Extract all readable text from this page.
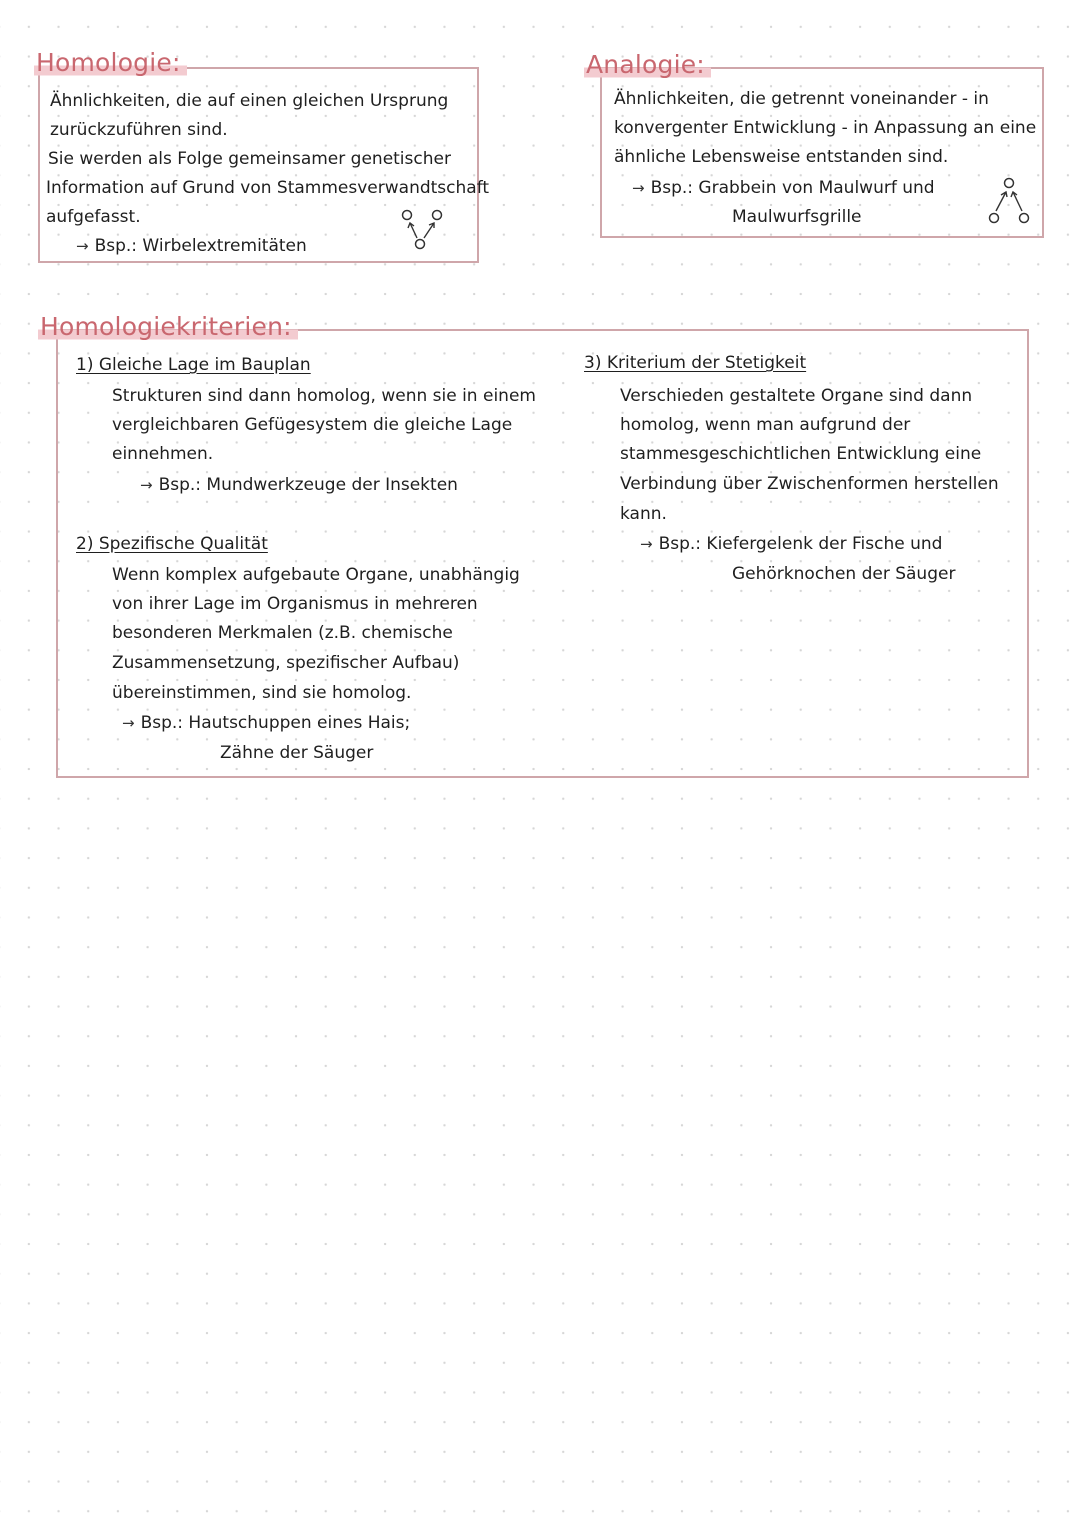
Homologie:

Ähnlichkeiten, die auf einen gleichen Ursprung

zurückzuführen sind.

Sie werden als Folge gemeinsamer genetischer

Information auf Grund von Stammesverwandtschaft

aufgefasst.

→ Bsp.: Wirbelextremitäten

Analogie:

Ähnlichkeiten, die getrennt voneinander - in

konvergenter Entwicklung - in Anpassung an eine

ähnliche Lebensweise entstanden sind.

→ Bsp.: Grabbein von Maulwurf und

Maulwurfsgrille

Homologiekriterien:
1) Gleiche Lage im Bauplan

Strukturen sind dann homolog, wenn sie in einem

vergleichbaren Gefügesystem die gleiche Lage

einnehmen.

→ Bsp.: Mundwerkzeuge der Insekten

2) Spezifische Qualität

Wenn komplex aufgebaute Organe, unabhängig

von ihrer Lage im Organismus in mehreren

besonderen Merkmalen (z.B. chemische

Zusammensetzung, spezifischer Aufbau)

übereinstimmen, sind sie homolog.

→ Bsp.: Hautschuppen eines Hais;

Zähne der Säuger

3) Kriterium der Stetigkeit

Verschieden gestaltete Organe sind dann

homolog, wenn man aufgrund der

stammesgeschichtlichen Entwicklung eine

Verbindung über Zwischenformen herstellen

kann.

→ Bsp.: Kiefergelenk der Fische und

Gehörknochen der Säuger
